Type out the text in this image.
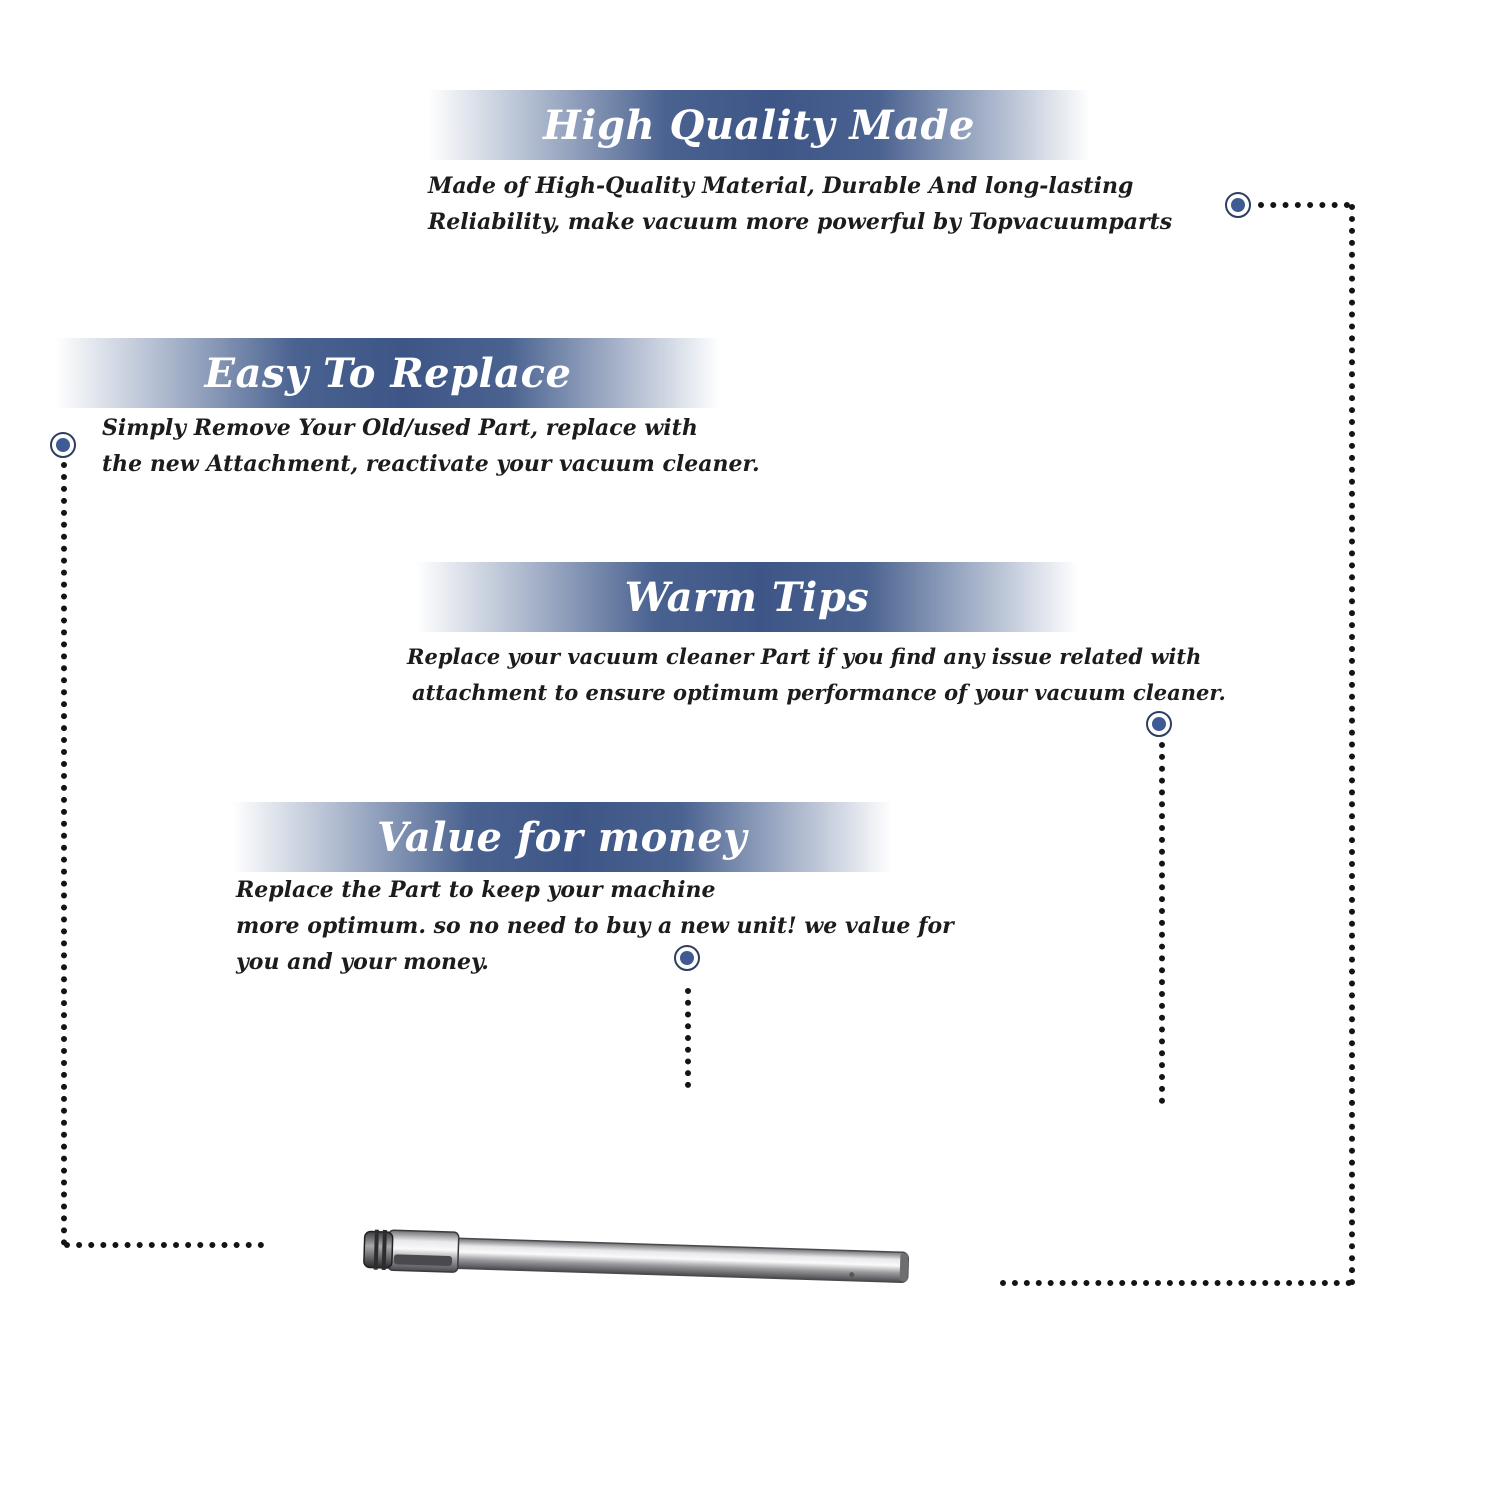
High Quality Made
Made of High-Quality Material, Durable And long-lasting
Reliability, make vacuum more powerful by Topvacuumparts
Easy To Replace
Simply Remove Your Old/used Part, replace with
the new Attachment, reactivate your vacuum cleaner.
Warm Tips
Replace your vacuum cleaner Part if you find any issue related with
attachment to ensure optimum performance of your vacuum cleaner.
Value for money
Replace the Part to keep your machine
more optimum. so no need to buy a new unit! we value for
you and your money.
